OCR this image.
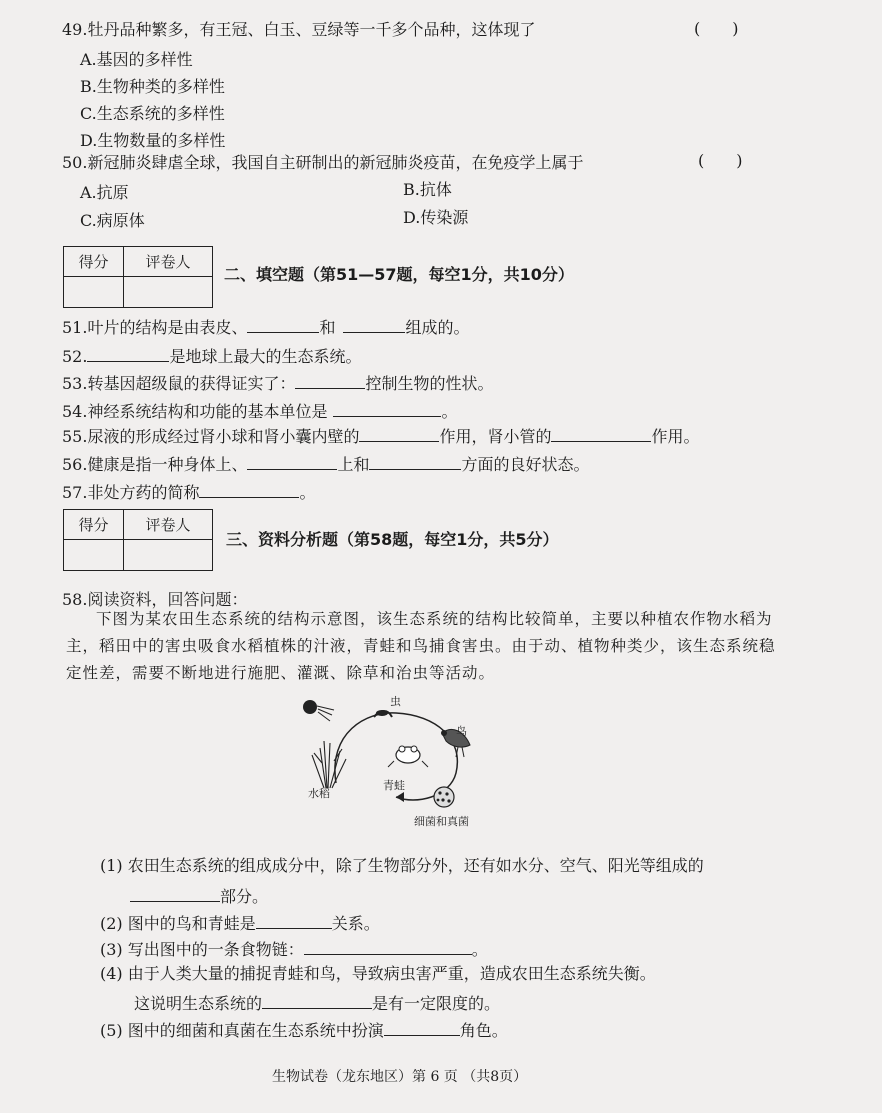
49.牡丹品种繁多，有王冠、白玉、豆绿等一千多个品种，这体现了	(　　)
A.基因的多样性
B.生物种类的多样性
C.生态系统的多样性
D.生物数量的多样性
50.新冠肺炎肆虐全球，我国自主研制出的新冠肺炎疫苗，在免疫学上属于	(　　)
A.抗原	B.抗体
C.病原体	D.传染源
得分	评卷人

二、填空题（第51—57题，每空1分，共10分）
51.叶片的结构是由表皮、	和	组成的。
52.	是地球上最大的生态系统。
53.转基因超级鼠的获得证实了：	控制生物的性状。
54.神经系统结构和功能的基本单位是	。
55.尿液的形成经过肾小球和肾小囊内壁的	作用，肾小管的	作用。
56.健康是指一种身体上、	上和	方面的良好状态。
57.非处方药的简称	。
得分	评卷人

三、资料分析题（第58题，每空1分，共5分）
58.阅读资料，回答问题：
下图为某农田生态系统的结构示意图，该生态系统的结构比较简单，主要以种植农作物水稻为主，稻田中的害虫吸食水稻植株的汁液，青蛙和鸟捕食害虫。由于动、植物种类少，该生态系统稳定性差，需要不断地进行施肥、灌溉、除草和治虫等活动。
虫
鸟
青蛙
水稻
细菌和真菌
(1) 农田生态系统的组成成分中，除了生物部分外，还有如水分、空气、阳光等组成的
部分。
(2) 图中的鸟和青蛙是	关系。
(3) 写出图中的一条食物链：	。
(4) 由于人类大量的捕捉青蛙和鸟，导致病虫害严重，造成农田生态系统失衡。
这说明生态系统的	是有一定限度的。
(5) 图中的细菌和真菌在生态系统中扮演	角色。
生物试卷（龙东地区）第 6 页 （共8页）
